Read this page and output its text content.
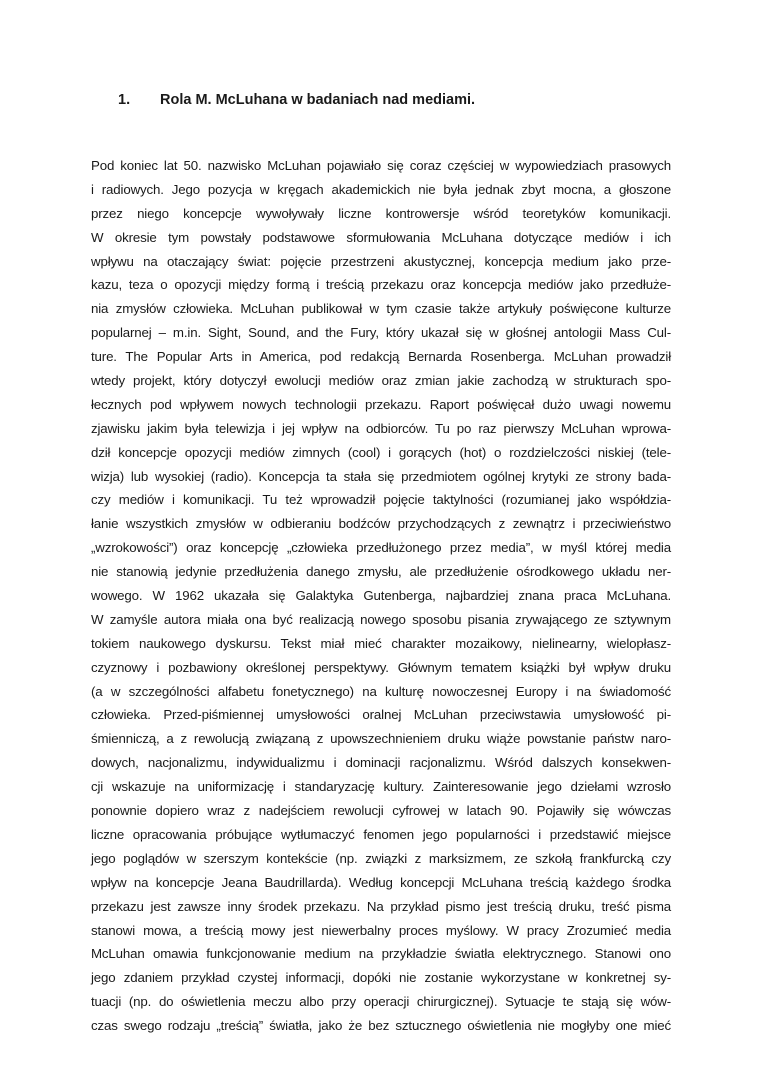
1. Rola M. McLuhana w badaniach nad mediami.
Pod koniec lat 50. nazwisko McLuhan pojawiało się coraz częściej w wypowiedziach prasowych
i radiowych. Jego pozycja w kręgach akademickich nie była jednak zbyt mocna, a głoszone
przez niego koncepcje wywoływały liczne kontrowersje wśród teoretyków komunikacji.
W okresie tym powstały podstawowe sformułowania McLuhana dotyczące mediów i ich
wpływu na otaczający świat: pojęcie przestrzeni akustycznej, koncepcja medium jako prze-
kazu, teza o opozycji między formą i treścią przekazu oraz koncepcja mediów jako przedłuże-
nia zmysłów człowieka. McLuhan publikował w tym czasie także artykuły poświęcone kulturze
popularnej – m.in. Sight, Sound, and the Fury, który ukazał się w głośnej antologii Mass Cul-
ture. The Popular Arts in America, pod redakcją Bernarda Rosenberga. McLuhan prowadził
wtedy projekt, który dotyczył ewolucji mediów oraz zmian jakie zachodzą w strukturach spo-
łecznych pod wpływem nowych technologii przekazu. Raport poświęcał dużo uwagi nowemu
zjawisku jakim była telewizja i jej wpływ na odbiorców. Tu po raz pierwszy McLuhan wprowa-
dził koncepcje opozycji mediów zimnych (cool) i gorących (hot) o rozdzielczości niskiej (tele-
wizja) lub wysokiej (radio). Koncepcja ta stała się przedmiotem ogólnej krytyki ze strony bada-
czy mediów i komunikacji. Tu też wprowadził pojęcie taktylności (rozumianej jako współdzia-
łanie wszystkich zmysłów w odbieraniu bodźców przychodzących z zewnątrz i przeciwieństwo
„wzrokowości”) oraz koncepcję „człowieka przedłużonego przez media”, w myśl której media
nie stanowią jedynie przedłużenia danego zmysłu, ale przedłużenie ośrodkowego układu ner-
wowego. W 1962 ukazała się Galaktyka Gutenberga, najbardziej znana praca McLuhana.
W zamyśle autora miała ona być realizacją nowego sposobu pisania zrywającego ze sztywnym
tokiem naukowego dyskursu. Tekst miał mieć charakter mozaikowy, nielinearny, wielopłasz-
czyznowy i pozbawiony określonej perspektywy. Głównym tematem książki był wpływ druku
(a w szczególności alfabetu fonetycznego) na kulturę nowoczesnej Europy i na świadomość
człowieka. Przed-piśmiennej umysłowości oralnej McLuhan przeciwstawia umysłowość pi-
śmienniczą, a z rewolucją związaną z upowszechnieniem druku wiąże powstanie państw naro-
dowych, nacjonalizmu, indywidualizmu i dominacji racjonalizmu. Wśród dalszych konsekwen-
cji wskazuje na uniformizację i standaryzację kultury. Zainteresowanie jego dziełami wzrosło
ponownie dopiero wraz z nadejściem rewolucji cyfrowej w latach 90. Pojawiły się wówczas
liczne opracowania próbujące wytłumaczyć fenomen jego popularności i przedstawić miejsce
jego poglądów w szerszym kontekście (np. związki z marksizmem, ze szkołą frankfurcką czy
wpływ na koncepcje Jeana Baudrillarda). Według koncepcji McLuhana treścią każdego środka
przekazu jest zawsze inny środek przekazu. Na przykład pismo jest treścią druku, treść pisma
stanowi mowa, a treścią mowy jest niewerbalny proces myślowy. W pracy Zrozumieć media
McLuhan omawia funkcjonowanie medium na przykładzie światła elektrycznego. Stanowi ono
jego zdaniem przykład czystej informacji, dopóki nie zostanie wykorzystane w konkretnej sy-
tuacji (np. do oświetlenia meczu albo przy operacji chirurgicznej). Sytuacje te stają się wów-
czas swego rodzaju „treścią” światła, jako że bez sztucznego oświetlenia nie mogłyby one mieć
